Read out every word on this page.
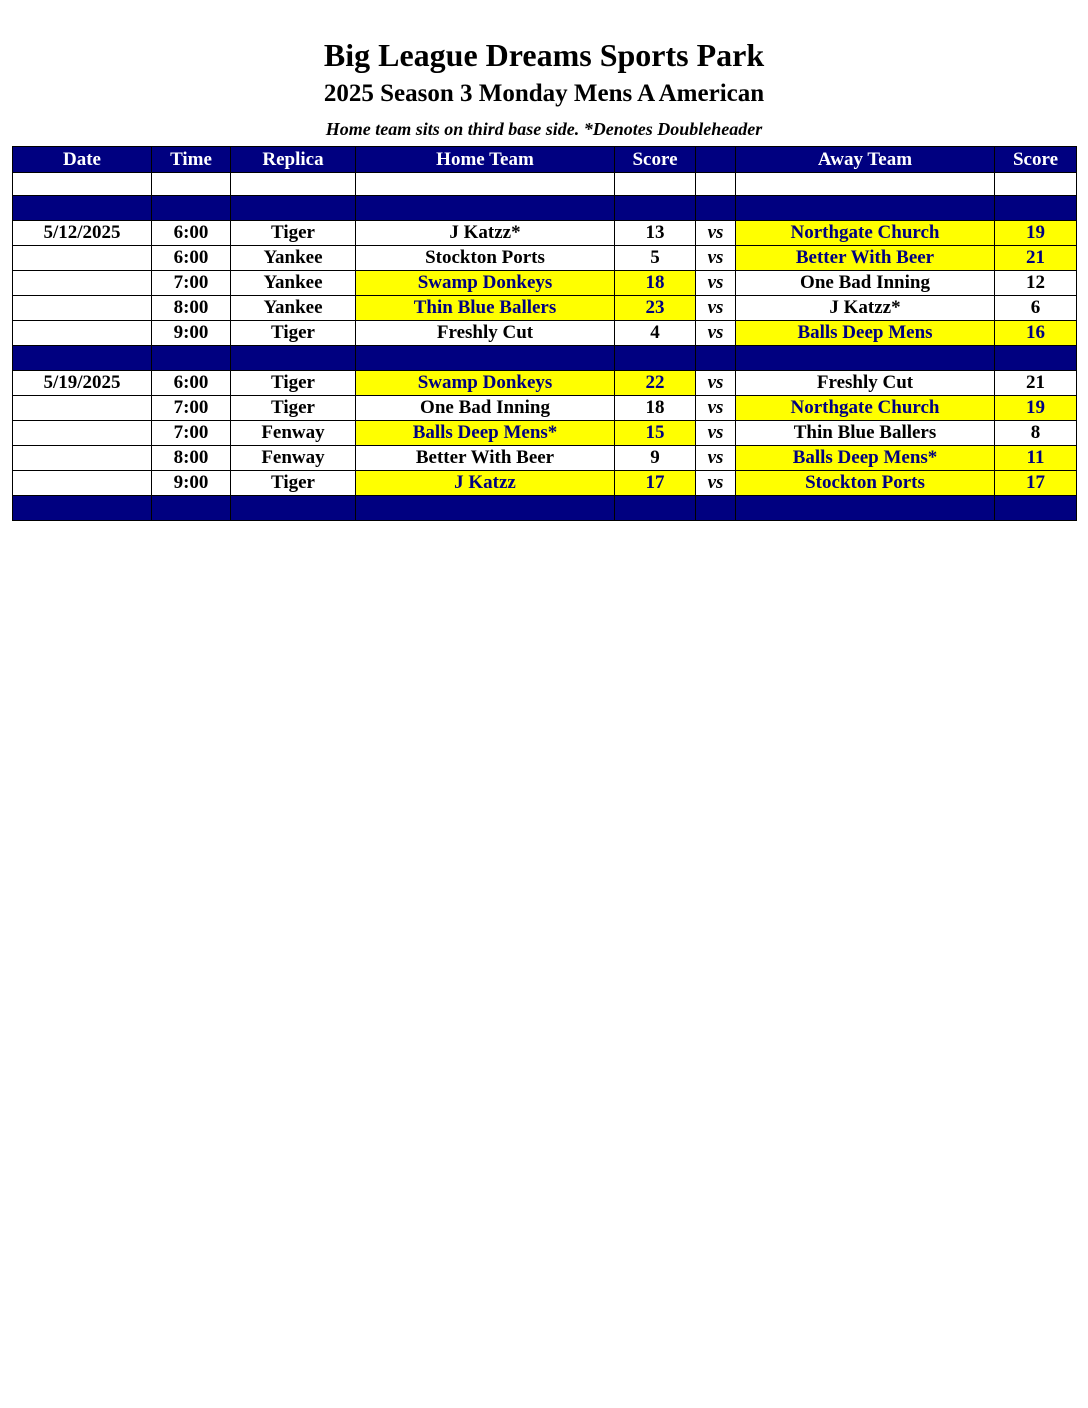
Big League Dreams Sports Park
2025 Season 3 Monday Mens A American
Home team sits on third base side. *Denotes Doubleheader
Date	Time	Replica	Home Team	Score		Away Team	Score

5/12/2025	6:00	Tiger	J Katzz*	13	vs	Northgate Church	19
	6:00	Yankee	Stockton Ports	5	vs	Better With Beer	21
	7:00	Yankee	Swamp Donkeys	18	vs	One Bad Inning	12
	8:00	Yankee	Thin Blue Ballers	23	vs	J Katzz*	6
	9:00	Tiger	Freshly Cut	4	vs	Balls Deep Mens	16

5/19/2025	6:00	Tiger	Swamp Donkeys	22	vs	Freshly Cut	21
	7:00	Tiger	One Bad Inning	18	vs	Northgate Church	19
	7:00	Fenway	Balls Deep Mens*	15	vs	Thin Blue Ballers	8
	8:00	Fenway	Better With Beer	9	vs	Balls Deep Mens*	11
	9:00	Tiger	J Katzz	17	vs	Stockton Ports	17
